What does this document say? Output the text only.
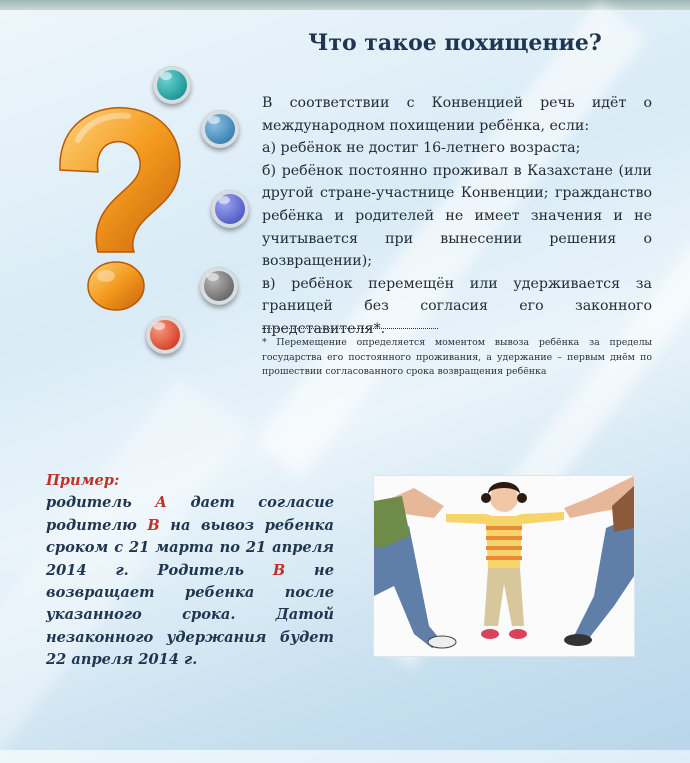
Что такое похищение?

В соответствии с Конвенцией речь идёт о международном похищении ребёнка, если:

а) ребёнок не достиг 16-летнего возраста;

б) ребёнок постоянно проживал в Казахстане (или другой стране-участнице Конвенции; гражданство ребёнка и родителей не имеет значения и не учитывается при вынесении решения о возвращении);

в) ребёнок перемещён или удерживается за границей без согласия его законного представителя*.

* Перемещение определяется моментом вывоза ребёнка за пределы государства его постоянного проживания, а удержание – первым днём по прошествии согласованного срока возвращения ребёнка

Пример:

родитель А дает согласие родителю В на вывоз ребенка сроком с 21 марта по 21 апреля 2014 г. Родитель В не возвращает ребенка после указанного срока. Датой незаконного удержания будет 22 апреля 2014 г.
